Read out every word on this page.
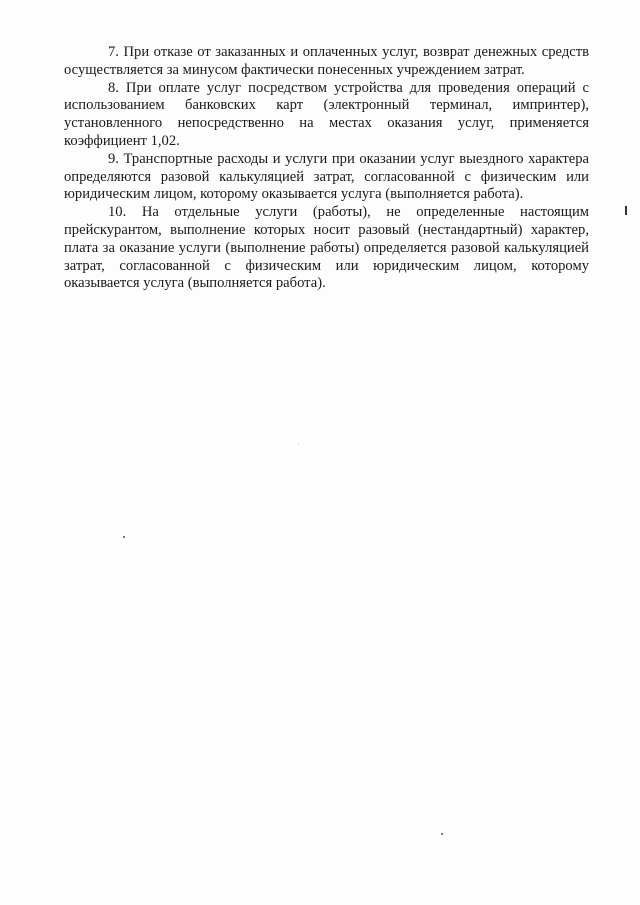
7. При отказе от заказанных и оплаченных услуг, возврат денежных средств осуществляется за минусом фактически понесенных учреждением затрат.

8. При оплате услуг посредством устройства для проведения операций с использованием банковских карт (электронный терминал, импринтер), установленного непосредственно на местах оказания услуг, применяется коэффициент 1,02.

9. Транспортные расходы и услуги при оказании услуг выездного характера определяются разовой калькуляцией затрат, согласованной с физическим или юридическим лицом, которому оказывается услуга (выполняется работа).

10. На отдельные услуги (работы), не определенные настоящим прейскурантом, выполнение которых носит разовый (нестандартный) характер, плата за оказание услуги (выполнение работы) определяется разовой калькуляцией затрат, согласованной с физическим или юридическим лицом, которому оказывается услуга (выполняется работа).
